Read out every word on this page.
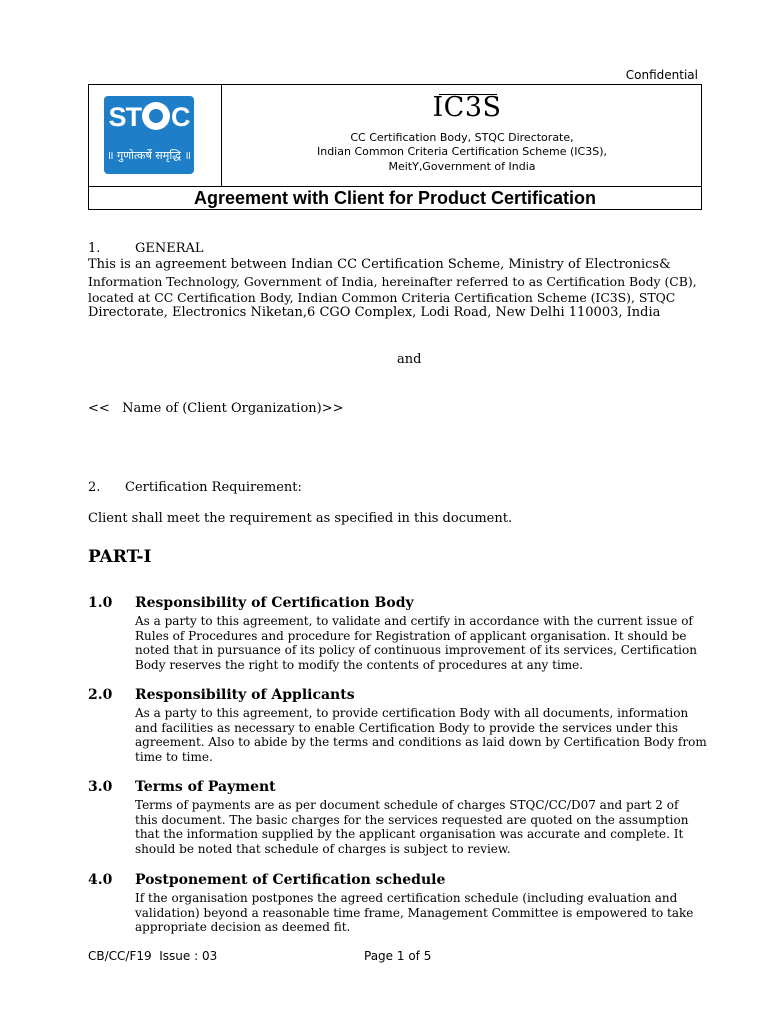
Confidential
ST C
॥ गुणोत्कर्षे समृद्धि ॥
IC3S
CC Certification Body, STQC Directorate,
Indian Common Criteria Certification Scheme (IC3S),
MeitY,Government of India
Agreement with Client for Product Certification
1.	GENERAL
This is an agreement between Indian CC Certification Scheme, Ministry of Electronics&
Information Technology, Government of India, hereinafter referred to as Certification Body (CB),
located at CC Certification Body, Indian Common Criteria Certification Scheme (IC3S), STQC
Directorate, Electronics Niketan,6 CGO Complex, Lodi Road, New Delhi 110003, India
and
<<   Name of (Client Organization)>>
2. Certification Requirement:
Client shall meet the requirement as specified in this document.
PART-I
1.0 Responsibility of Certification Body
As a party to this agreement, to validate and certify in accordance with the current issue of
Rules of Procedures and procedure for Registration of applicant organisation. It should be
noted that in pursuance of its policy of continuous improvement of its services, Certification
Body reserves the right to modify the contents of procedures at any time.
2.0 Responsibility of Applicants
As a party to this agreement, to provide certification Body with all documents, information
and facilities as necessary to enable Certification Body to provide the services under this
agreement. Also to abide by the terms and conditions as laid down by Certification Body from
time to time.
3.0 Terms of Payment
Terms of payments are as per document schedule of charges STQC/CC/D07 and part 2 of
this document. The basic charges for the services requested are quoted on the assumption
that the information supplied by the applicant organisation was accurate and complete. It
should be noted that schedule of charges is subject to review.
4.0 Postponement of Certification schedule
If the organisation postpones the agreed certification schedule (including evaluation and
validation) beyond a reasonable time frame, Management Committee is empowered to take
appropriate decision as deemed fit.
CB/CC/F19  Issue : 03	Page 1 of 5
